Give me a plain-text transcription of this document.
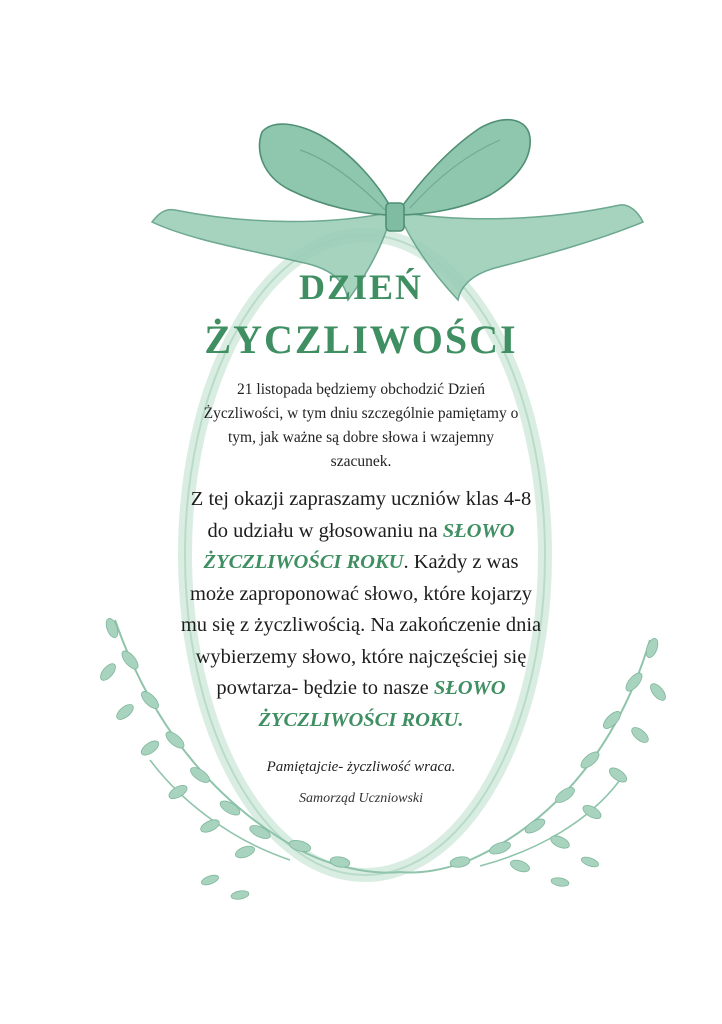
DZIEŃ
ŻYCZLIWOŚCI
21 listopada będziemy obchodzić Dzień Życzliwości, w tym dniu szczególnie pamiętamy o tym, jak ważne są dobre słowa i wzajemny szacunek.
Z tej okazji zapraszamy uczniów klas 4-8 do udziału w głosowaniu na SŁOWO ŻYCZLIWOŚCI ROKU. Każdy z was może zaproponować słowo, które kojarzy mu się z życzliwością. Na zakończenie dnia wybierzemy słowo, które najczęściej się powtarza- będzie to nasze SŁOWO ŻYCZLIWOŚCI ROKU.
Pamiętajcie- życzliwość wraca.
Samorząd Uczniowski
